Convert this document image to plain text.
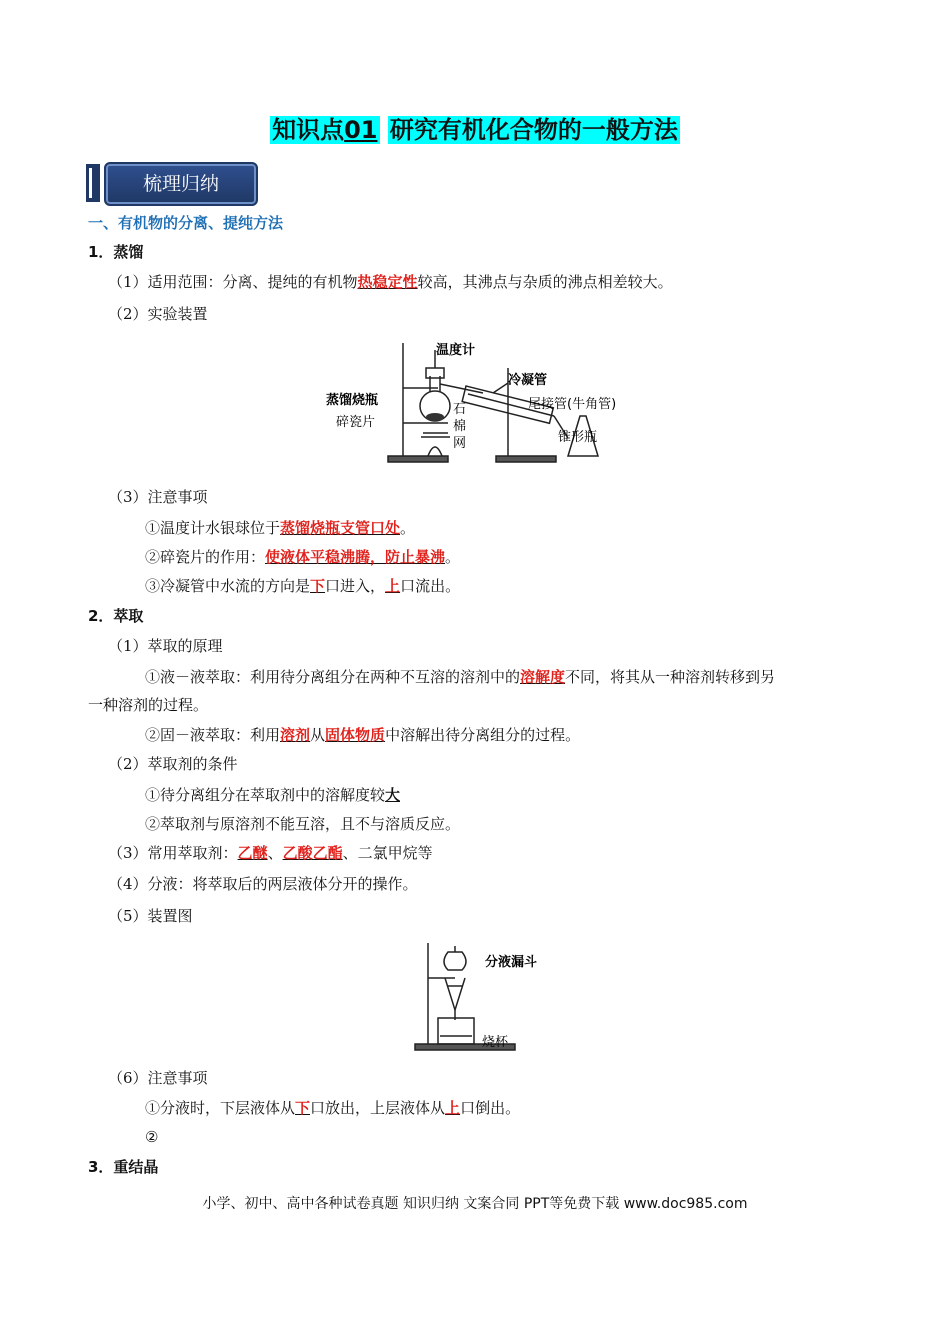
知识点01 研究有机化合物的一般方法
梳理归纳
一、有机物的分离、提纯方法
1．蒸馏
（1）适用范围：分离、提纯的有机物热稳定性较高，其沸点与杂质的沸点相差较大。
（2）实验装置
温度计
蒸馏烧瓶
碎瓷片
石
棉
网
冷凝管
尾接管(牛角管)
锥形瓶
（3）注意事项
①温度计水银球位于蒸馏烧瓶支管口处。
②碎瓷片的作用：使液体平稳沸腾，防止暴沸。
③冷凝管中水流的方向是下口进入，上口流出。
2．萃取
（1）萃取的原理
①液－液萃取：利用待分离组分在两种不互溶的溶剂中的溶解度不同，将其从一种溶剂转移到另
一种溶剂的过程。
②固－液萃取：利用溶剂从固体物质中溶解出待分离组分的过程。
（2）萃取剂的条件
①待分离组分在萃取剂中的溶解度较大
②萃取剂与原溶剂不能互溶，且不与溶质反应。
（3）常用萃取剂：乙醚、乙酸乙酯、二氯甲烷等
（4）分液：将萃取后的两层液体分开的操作。
（5）装置图
分液漏斗
烧杯
（6）注意事项
①分液时，下层液体从下口放出，上层液体从上口倒出。
②
3．重结晶
小学、初中、高中各种试卷真题 知识归纳 文案合同 PPT等免费下载 www.doc985.com
